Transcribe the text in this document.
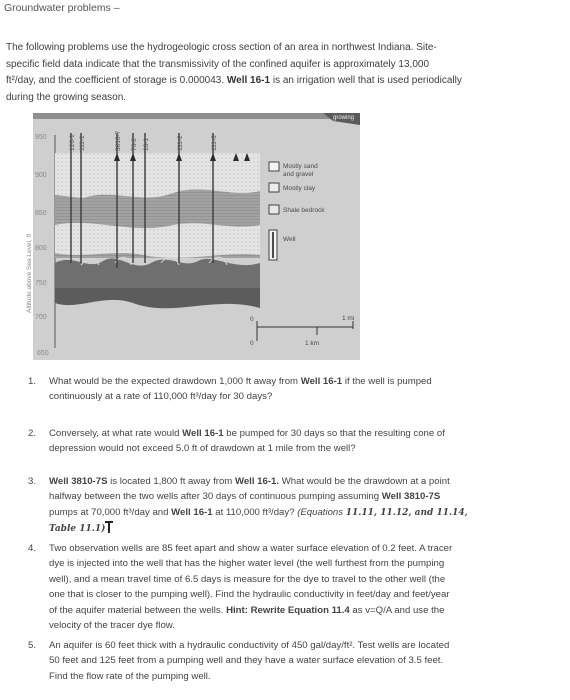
Groundwater problems –
The following problems use the hydrogeologic cross section of an area in northwest Indiana. Site-
specific field data indicate that the transmissivity of the confined aquifer is approximately 13,000
ft²/day, and the coefficient of storage is 0.000043. Well 16-1 is an irrigation well that is used periodically
during the growing season.
950
900
850
800
750
700
650
Altitude above Sea Level, ft
126-1 111-1	3810-7 76-2 16-1	111-2	111-3
growing
Mostly sand
and gravel
Mostly clay
Shale bedrock
Well
0	1 mi
0	1 km
1.	What would be the expected drawdown 1,000 ft away from Well 16-1 if the well is pumped
continuously at a rate of 110,000 ft³/day for 30 days?
2.	Conversely, at what rate would Well 16-1 be pumped for 30 days so that the resulting cone of
depression would not exceed 5.0 ft of drawdown at 1 mile from the well?
3.	Well 3810-7S is located 1,800 ft away from Well 16-1. What would be the drawdown at a point
halfway between the two wells after 30 days of continuous pumping assuming Well 3810-7S
pumps at 70,000 ft³/day and Well 16-1 at 110,000 ft³/day? (Equations 11.11, 11.12, and 11.14,
Table 11.1)
4.	Two observation wells are 85 feet apart and show a water surface elevation of 0.2 feet. A tracer
dye is injected into the well that has the higher water level (the well furthest from the pumping
well), and a mean travel time of 6.5 days is measure for the dye to travel to the other well (the
one that is closer to the pumping well). Find the hydraulic conductivity in feet/day and feet/year
of the aquifer material between the wells. Hint: Rewrite Equation 11.4 as v=Q/A and use the
velocity of the tracer dye flow.
5.	An aquifer is 60 feet thick with a hydraulic conductivity of 450 gal/day/ft². Test wells are located
50 feet and 125 feet from a pumping well and they have a water surface elevation of 3.5 feet.
Find the flow rate of the pumping well.
